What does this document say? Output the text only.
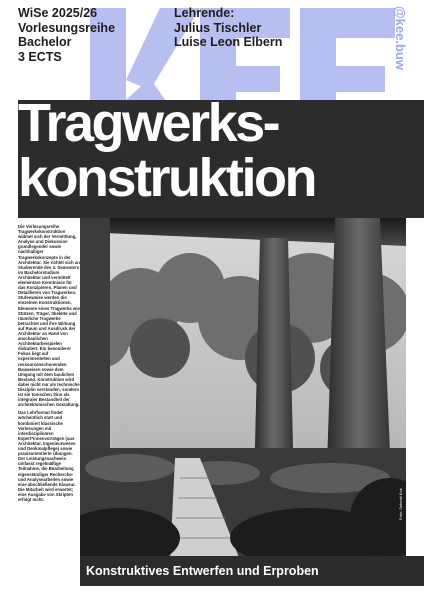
@kee.buw
WiSe 2025/26
Vorlesungsreihe
Bachelor
3 ECTS
Lehrende:
Julius Tischler
Luise Leon Elbern
Tragwerks-
konstruktion

Die Vorlesungsreihe Tragwerkskonstruktion widmet sich der Vermittlung, Analyse und Diskussion grundlegender sowie nachhaltiger Tragwerkskonzepte in der Architektur. Sie richtet sich an Studierende des 3. Semesters im Bachelorstudium Architektur und vermittelt elementare Kenntnisse für das Konzipieren, Planen und Detaillieren von Tragwerken. Stufenweise werden die einzelnen Konstruktionen, Elemente eines Tragwerks wie Stützen, Träger, Skelette und räumliche Tragwerke betrachtet und ihre Wirkung auf Raum und Ausdruck der Architektur an Hand von anschaulichen Architekturbeispielen diskutiert. Ein besonderer Fokus liegt auf experimentellen und ressourcenschonenden Bauweisen sowie dem Umgang mit dem baulichen Bestand. Konstruktion wird dabei nicht nur als technische Disziplin verstanden, sondern ist ein tonischen Sinn als integraler Bestandteil der architektonischen Gestaltung.

Das Lehrformat findet wöchentlich statt und kombiniert klassische Vorlesungen mit interdisziplinären Expert*innenvorträgen (aus Architektur, Ingenieurwesen und Denkmalpflege) sowie praxisorientierte Übungen. Der Leistungsnachweis umfasst regelmäßige Teilnahme, die Bearbeitung eigenständiger Recherche- und Analysearbeiten sowie eine abschließende Klausur. Die Mitarbeit wird erwartet; eine Ausgabe von Skripten erfolgt nicht.	Foto: Sebesti Koe
Konstruktives Entwerfen und Erproben
